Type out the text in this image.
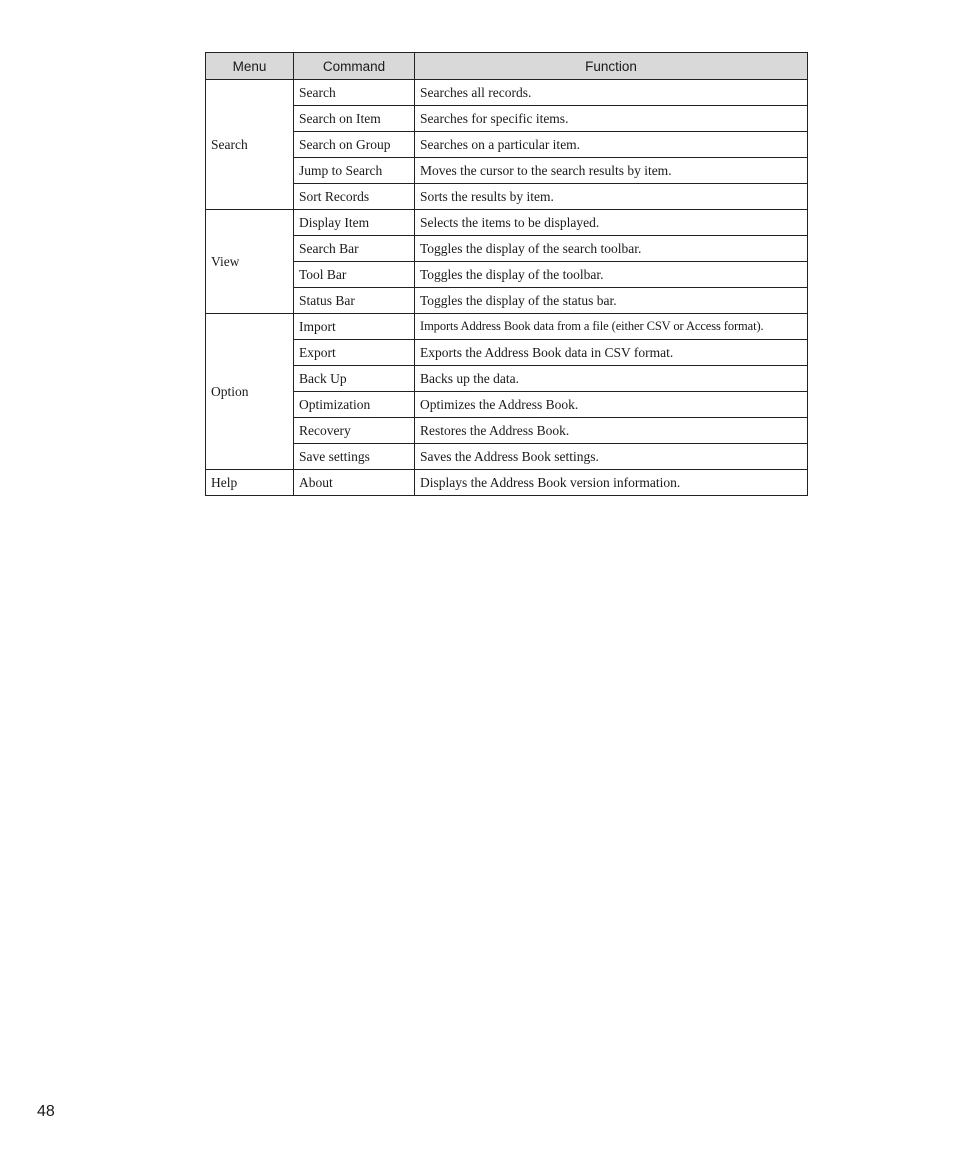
Menu	Command	Function
Search	Search	Searches all records.
	Search on Item	Searches for specific items.
	Search on Group	Searches on a particular item.
	Jump to Search	Moves the cursor to the search results by item.
	Sort Records	Sorts the results by item.
View	Display Item	Selects the items to be displayed.
	Search Bar	Toggles the display of the search toolbar.
	Tool Bar	Toggles the display of the toolbar.
	Status Bar	Toggles the display of the status bar.
Option	Import	Imports Address Book data from a file (either CSV or Access format).
	Export	Exports the Address Book data in CSV format.
	Back Up	Backs up the data.
	Optimization	Optimizes the Address Book.
	Recovery	Restores the Address Book.
	Save settings	Saves the Address Book settings.
Help	About	Displays the Address Book version information.
48
